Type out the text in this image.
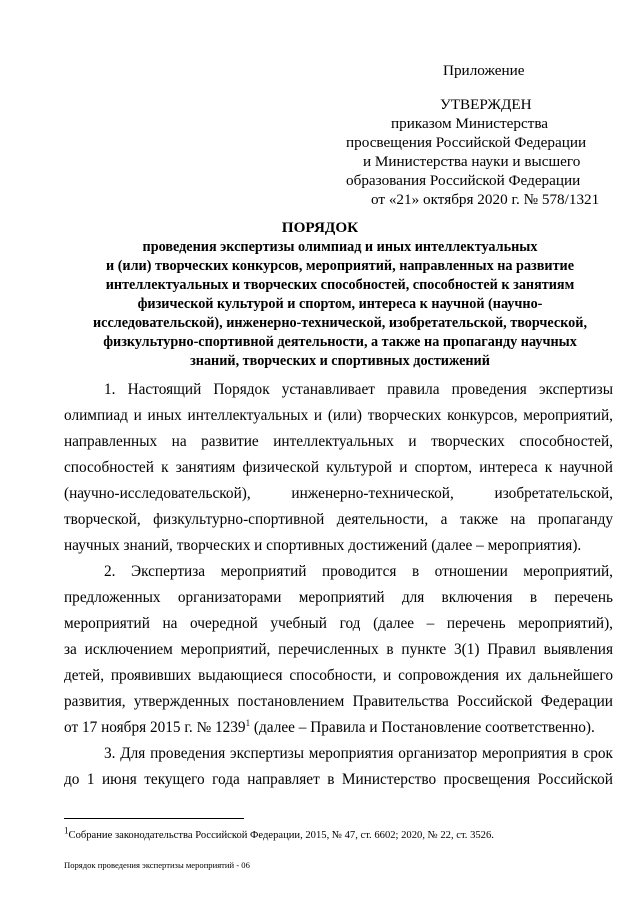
Приложение
УТВЕРЖДЕН
приказом Министерства
просвещения Российской Федерации
и Министерства науки и высшего
образования Российской Федерации
от «21» октября 2020 г. № 578/1321
ПОРЯДОК
проведения экспертизы олимпиад и иных интеллектуальных
и (или) творческих конкурсов, мероприятий, направленных на развитие
интеллектуальных и творческих способностей, способностей к занятиям
физической культурой и спортом, интереса к научной (научно-
исследовательской), инженерно-технической, изобретательской, творческой,
физкультурно-спортивной деятельности, а также на пропаганду научных
знаний, творческих и спортивных достижений
1. Настоящий Порядок устанавливает правила проведения экспертизы
олимпиад и иных интеллектуальных и (или) творческих конкурсов, мероприятий,
направленных на развитие интеллектуальных и творческих способностей,
способностей к занятиям физической культурой и спортом, интереса к научной
(научно-исследовательской), инженерно-технической, изобретательской,
творческой, физкультурно-спортивной деятельности, а также на пропаганду
научных знаний, творческих и спортивных достижений (далее – мероприятия).
2. Экспертиза мероприятий проводится в отношении мероприятий,
предложенных организаторами мероприятий для включения в перечень
мероприятий на очередной учебный год (далее – перечень мероприятий),
за исключением мероприятий, перечисленных в пункте 3(1) Правил выявления
детей, проявивших выдающиеся способности, и сопровождения их дальнейшего
развития, утвержденных постановлением Правительства Российской Федерации
от 17 ноября 2015 г. № 1239$^1$ (далее – Правила и Постановление соответственно).
3. Для проведения экспертизы мероприятия организатор мероприятия в срок
до 1 июня текущего года направляет в Министерство просвещения Российской
$^1$Собрание законодательства Российской Федерации, 2015, № 47, ст. 6602; 2020, № 22, ст. 3526.
Порядок проведения экспертизы мероприятий - 06
